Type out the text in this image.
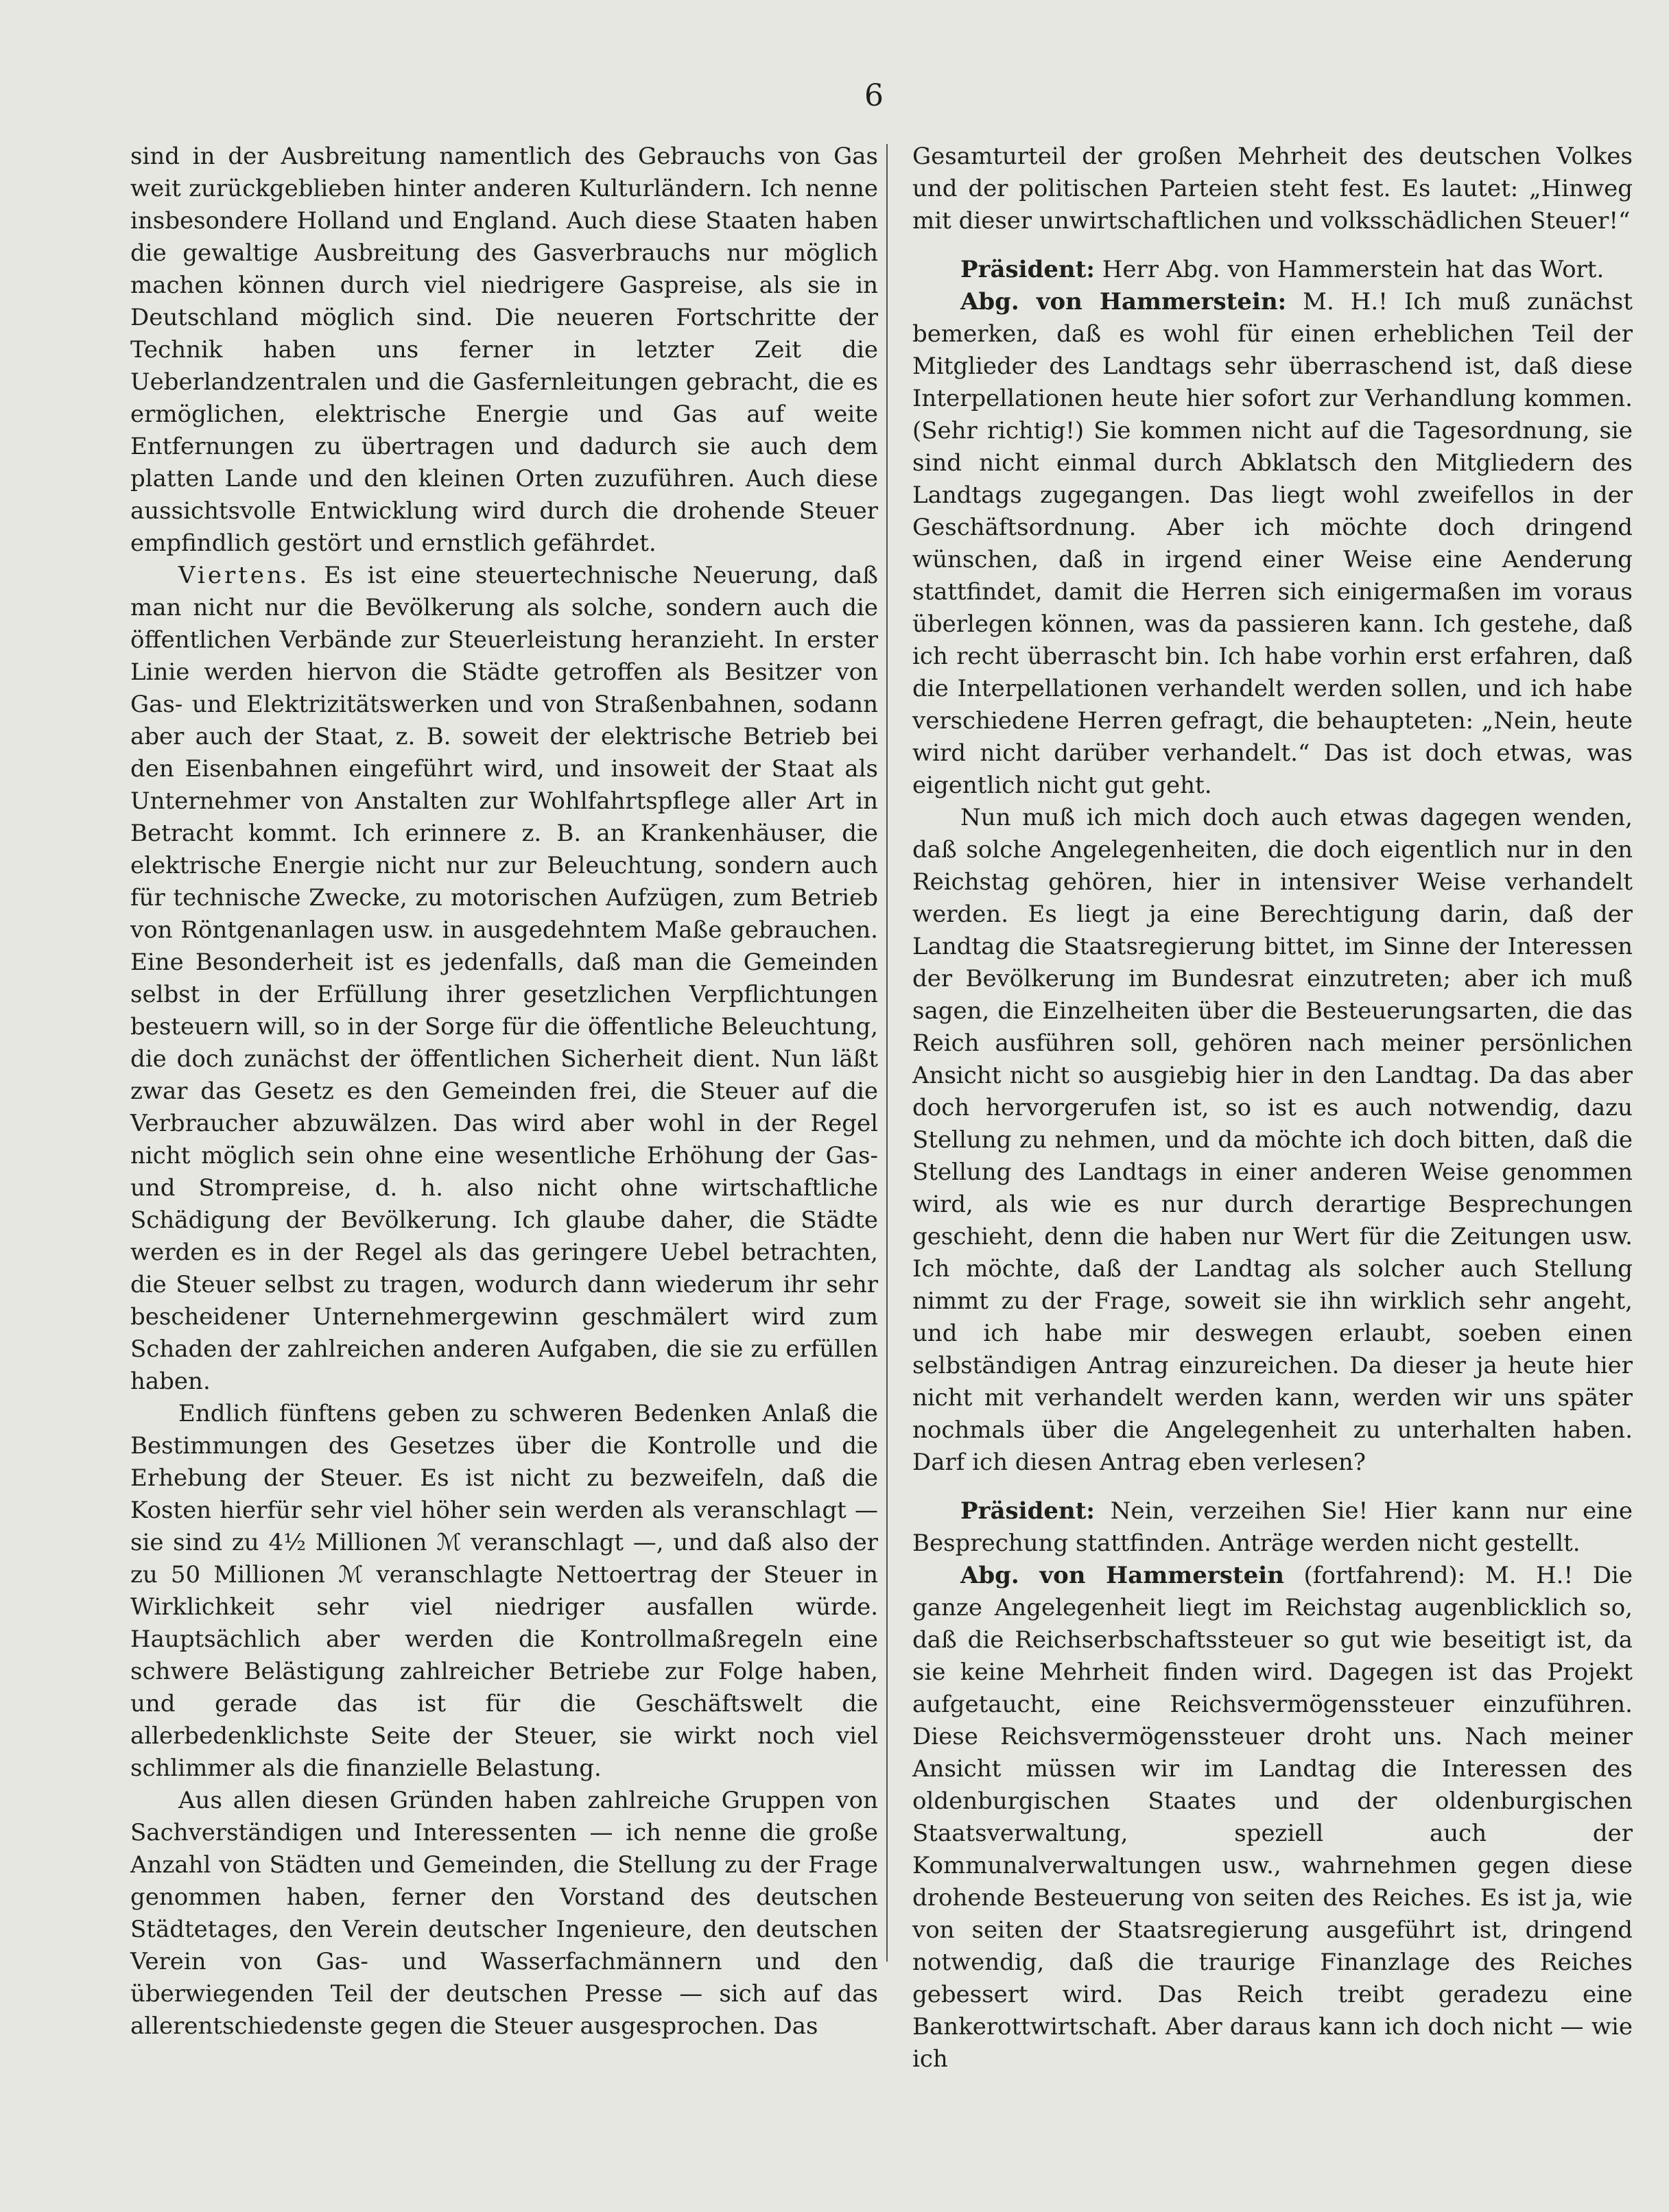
6

sind in der Ausbreitung namentlich des Gebrauchs von Gas weit zurückgeblieben hinter anderen Kulturländern. Ich nenne insbesondere Holland und England. Auch diese Staaten haben die gewaltige Ausbreitung des Gasverbrauchs nur möglich machen können durch viel niedrigere Gaspreise, als sie in Deutschland möglich sind. Die neueren Fortschritte der Technik haben uns ferner in letzter Zeit die Ueberlandzentralen und die Gasfernleitungen gebracht, die es ermöglichen, elektrische Energie und Gas auf weite Entfernungen zu übertragen und dadurch sie auch dem platten Lande und den kleinen Orten zuzuführen. Auch diese aussichtsvolle Entwicklung wird durch die drohende Steuer empfindlich gestört und ernstlich gefährdet.

Viertens. Es ist eine steuertechnische Neuerung, daß man nicht nur die Bevölkerung als solche, sondern auch die öffentlichen Verbände zur Steuerleistung heranzieht. In erster Linie werden hiervon die Städte getroffen als Besitzer von Gas- und Elektrizitätswerken und von Straßenbahnen, sodann aber auch der Staat, z. B. soweit der elektrische Betrieb bei den Eisenbahnen eingeführt wird, und insoweit der Staat als Unternehmer von Anstalten zur Wohlfahrtspflege aller Art in Betracht kommt. Ich erinnere z. B. an Krankenhäuser, die elektrische Energie nicht nur zur Beleuchtung, sondern auch für technische Zwecke, zu motorischen Aufzügen, zum Betrieb von Röntgenanlagen usw. in ausgedehntem Maße gebrauchen. Eine Besonderheit ist es jedenfalls, daß man die Gemeinden selbst in der Erfüllung ihrer gesetzlichen Verpflichtungen besteuern will, so in der Sorge für die öffentliche Beleuchtung, die doch zunächst der öffentlichen Sicherheit dient. Nun läßt zwar das Gesetz es den Gemeinden frei, die Steuer auf die Verbraucher abzuwälzen. Das wird aber wohl in der Regel nicht möglich sein ohne eine wesentliche Erhöhung der Gas- und Strompreise, d. h. also nicht ohne wirtschaftliche Schädigung der Bevölkerung. Ich glaube daher, die Städte werden es in der Regel als das geringere Uebel betrachten, die Steuer selbst zu tragen, wodurch dann wiederum ihr sehr bescheidener Unternehmergewinn geschmälert wird zum Schaden der zahlreichen anderen Aufgaben, die sie zu erfüllen haben.

Endlich fünftens geben zu schweren Bedenken Anlaß die Bestimmungen des Gesetzes über die Kontrolle und die Erhebung der Steuer. Es ist nicht zu bezweifeln, daß die Kosten hierfür sehr viel höher sein werden als veranschlagt — sie sind zu 4½ Millionen ℳ veranschlagt —, und daß also der zu 50 Millionen ℳ veranschlagte Nettoertrag der Steuer in Wirklichkeit sehr viel niedriger ausfallen würde. Hauptsächlich aber werden die Kontrollmaßregeln eine schwere Belästigung zahlreicher Betriebe zur Folge haben, und gerade das ist für die Geschäftswelt die allerbedenklichste Seite der Steuer, sie wirkt noch viel schlimmer als die finanzielle Belastung.

Aus allen diesen Gründen haben zahlreiche Gruppen von Sachverständigen und Interessenten — ich nenne die große Anzahl von Städten und Gemeinden, die Stellung zu der Frage genommen haben, ferner den Vorstand des deutschen Städtetages, den Verein deutscher Ingenieure, den deutschen Verein von Gas- und Wasserfachmännern und den überwiegenden Teil der deutschen Presse — sich auf das allerentschiedenste gegen die Steuer ausgesprochen. Das

Gesamturteil der großen Mehrheit des deutschen Volkes und der politischen Parteien steht fest. Es lautet: „Hinweg mit dieser unwirtschaftlichen und volksschädlichen Steuer!“

Präsident: Herr Abg. von Hammerstein hat das Wort.

Abg. von Hammerstein: M. H.! Ich muß zunächst bemerken, daß es wohl für einen erheblichen Teil der Mitglieder des Landtags sehr überraschend ist, daß diese Interpellationen heute hier sofort zur Verhandlung kommen. (Sehr richtig!) Sie kommen nicht auf die Tagesordnung, sie sind nicht einmal durch Abklatsch den Mitgliedern des Landtags zugegangen. Das liegt wohl zweifellos in der Geschäftsordnung. Aber ich möchte doch dringend wünschen, daß in irgend einer Weise eine Aenderung stattfindet, damit die Herren sich einigermaßen im voraus überlegen können, was da passieren kann. Ich gestehe, daß ich recht überrascht bin. Ich habe vorhin erst erfahren, daß die Interpellationen verhandelt werden sollen, und ich habe verschiedene Herren gefragt, die behaupteten: „Nein, heute wird nicht darüber verhandelt.“ Das ist doch etwas, was eigentlich nicht gut geht.

Nun muß ich mich doch auch etwas dagegen wenden, daß solche Angelegenheiten, die doch eigentlich nur in den Reichstag gehören, hier in intensiver Weise verhandelt werden. Es liegt ja eine Berechtigung darin, daß der Landtag die Staatsregierung bittet, im Sinne der Interessen der Bevölkerung im Bundesrat einzutreten; aber ich muß sagen, die Einzelheiten über die Besteuerungsarten, die das Reich ausführen soll, gehören nach meiner persönlichen Ansicht nicht so ausgiebig hier in den Landtag. Da das aber doch hervorgerufen ist, so ist es auch notwendig, dazu Stellung zu nehmen, und da möchte ich doch bitten, daß die Stellung des Landtags in einer anderen Weise genommen wird, als wie es nur durch derartige Besprechungen geschieht, denn die haben nur Wert für die Zeitungen usw. Ich möchte, daß der Landtag als solcher auch Stellung nimmt zu der Frage, soweit sie ihn wirklich sehr angeht, und ich habe mir deswegen erlaubt, soeben einen selbständigen Antrag einzureichen. Da dieser ja heute hier nicht mit verhandelt werden kann, werden wir uns später nochmals über die Angelegenheit zu unterhalten haben. Darf ich diesen Antrag eben verlesen?

Präsident: Nein, verzeihen Sie! Hier kann nur eine Besprechung stattfinden. Anträge werden nicht gestellt.

Abg. von Hammerstein (fortfahrend): M. H.! Die ganze Angelegenheit liegt im Reichstag augenblicklich so, daß die Reichserbschaftssteuer so gut wie beseitigt ist, da sie keine Mehrheit finden wird. Dagegen ist das Projekt aufgetaucht, eine Reichsvermögenssteuer einzuführen. Diese Reichsvermögenssteuer droht uns. Nach meiner Ansicht müssen wir im Landtag die Interessen des oldenburgischen Staates und der oldenburgischen Staatsverwaltung, speziell auch der Kommunalverwaltungen usw., wahrnehmen gegen diese drohende Besteuerung von seiten des Reiches. Es ist ja, wie von seiten der Staatsregierung ausgeführt ist, dringend notwendig, daß die traurige Finanzlage des Reiches gebessert wird. Das Reich treibt geradezu eine Bankerottwirtschaft. Aber daraus kann ich doch nicht — wie ich
